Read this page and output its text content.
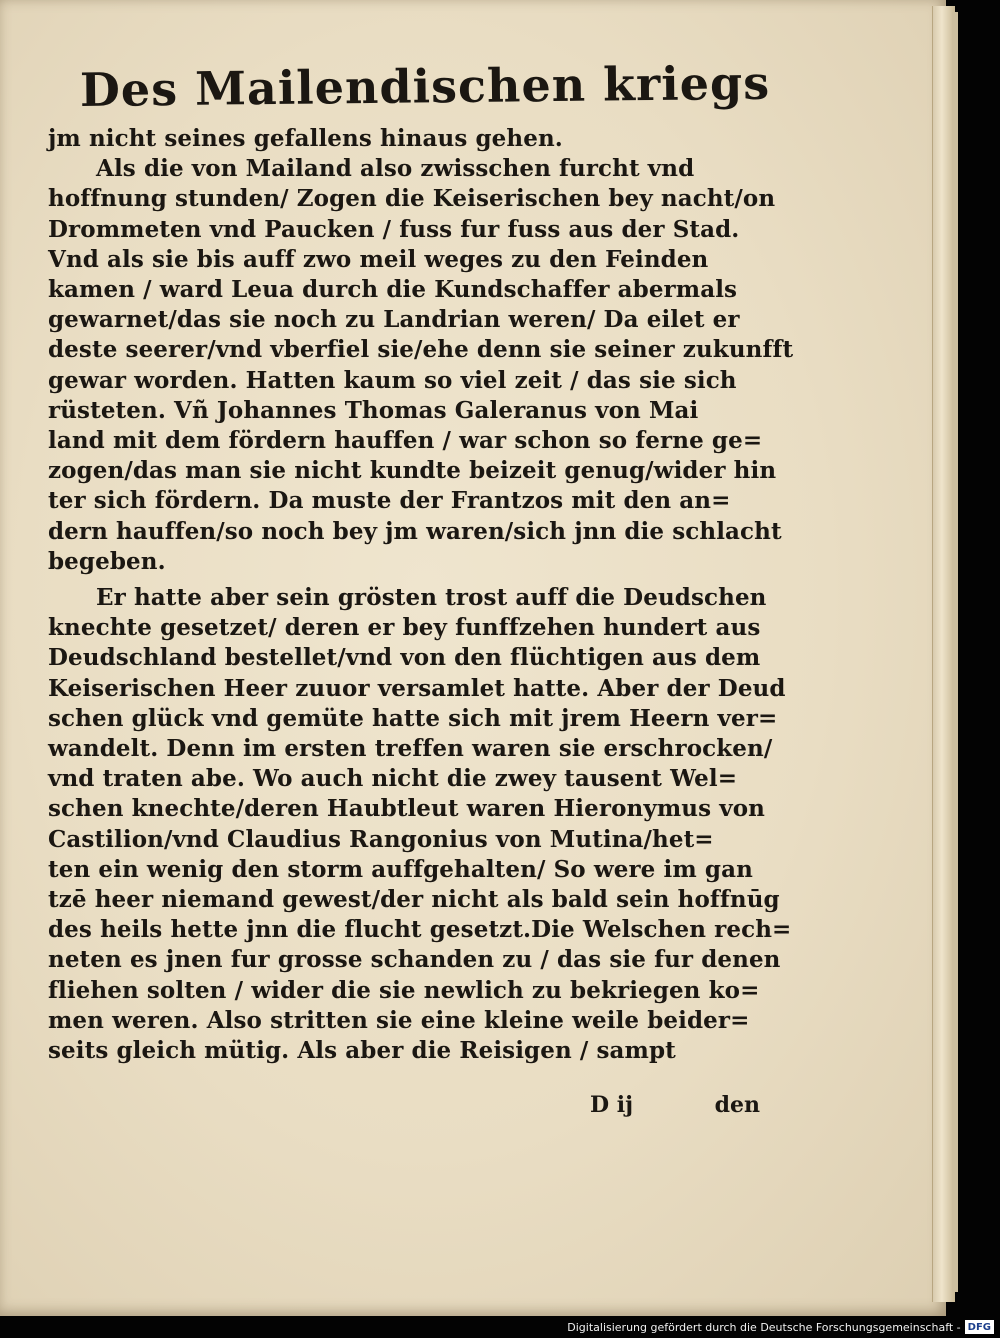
Des Mailendischen kriegs
jm nicht seines gefallens hinaus gehen.
Als die von Mailand also zwisschen furcht vnd
hoffnung stunden/ Zogen die Keiserischen bey nacht/on
Drommeten vnd Paucken / fuss fur fuss aus der Stad.
Vnd als sie bis auff zwo meil weges zu den Feinden
kamen / ward Leua durch die Kundschaffer abermals
gewarnet/das sie noch zu Landrian weren/ Da eilet er
deste seerer/vnd vberfiel sie/ehe denn sie seiner zukunfft
gewar worden. Hatten kaum so viel zeit / das sie sich
rüsteten. Vñ Johannes Thomas Galeranus von Mai
land mit dem fördern hauffen / war schon so ferne ge=
zogen/das man sie nicht kundte beizeit genug/wider hin
ter sich fördern. Da muste der Frantzos mit den an=
dern hauffen/so noch bey jm waren/sich jnn die schlacht
begeben.
Er hatte aber sein grösten trost auff die Deudschen
knechte gesetzet/ deren er bey funffzehen hundert aus
Deudschland bestellet/vnd von den flüchtigen aus dem
Keiserischen Heer zuuor versamlet hatte. Aber der Deud
schen glück vnd gemüte hatte sich mit jrem Heern ver=
wandelt. Denn im ersten treffen waren sie erschrocken/
vnd traten abe. Wo auch nicht die zwey tausent Wel=
schen knechte/deren Haubtleut waren Hieronymus von
Castilion/vnd Claudius Rangonius von Mutina/het=
ten ein wenig den storm auffgehalten/ So were im gan
tzē heer niemand gewest/der nicht als bald sein hoffnūg
des heils hette jnn die flucht gesetzt.Die Welschen rech=
neten es jnen fur grosse schanden zu / das sie fur denen
fliehen solten / wider die sie newlich zu bekriegen ko=
men weren. Also stritten sie eine kleine weile beider=
seits gleich mütig. Als aber die Reisigen / sampt
D ij	den
Digitalisierung gefördert durch die Deutsche Forschungsgemeinschaft - DFG
